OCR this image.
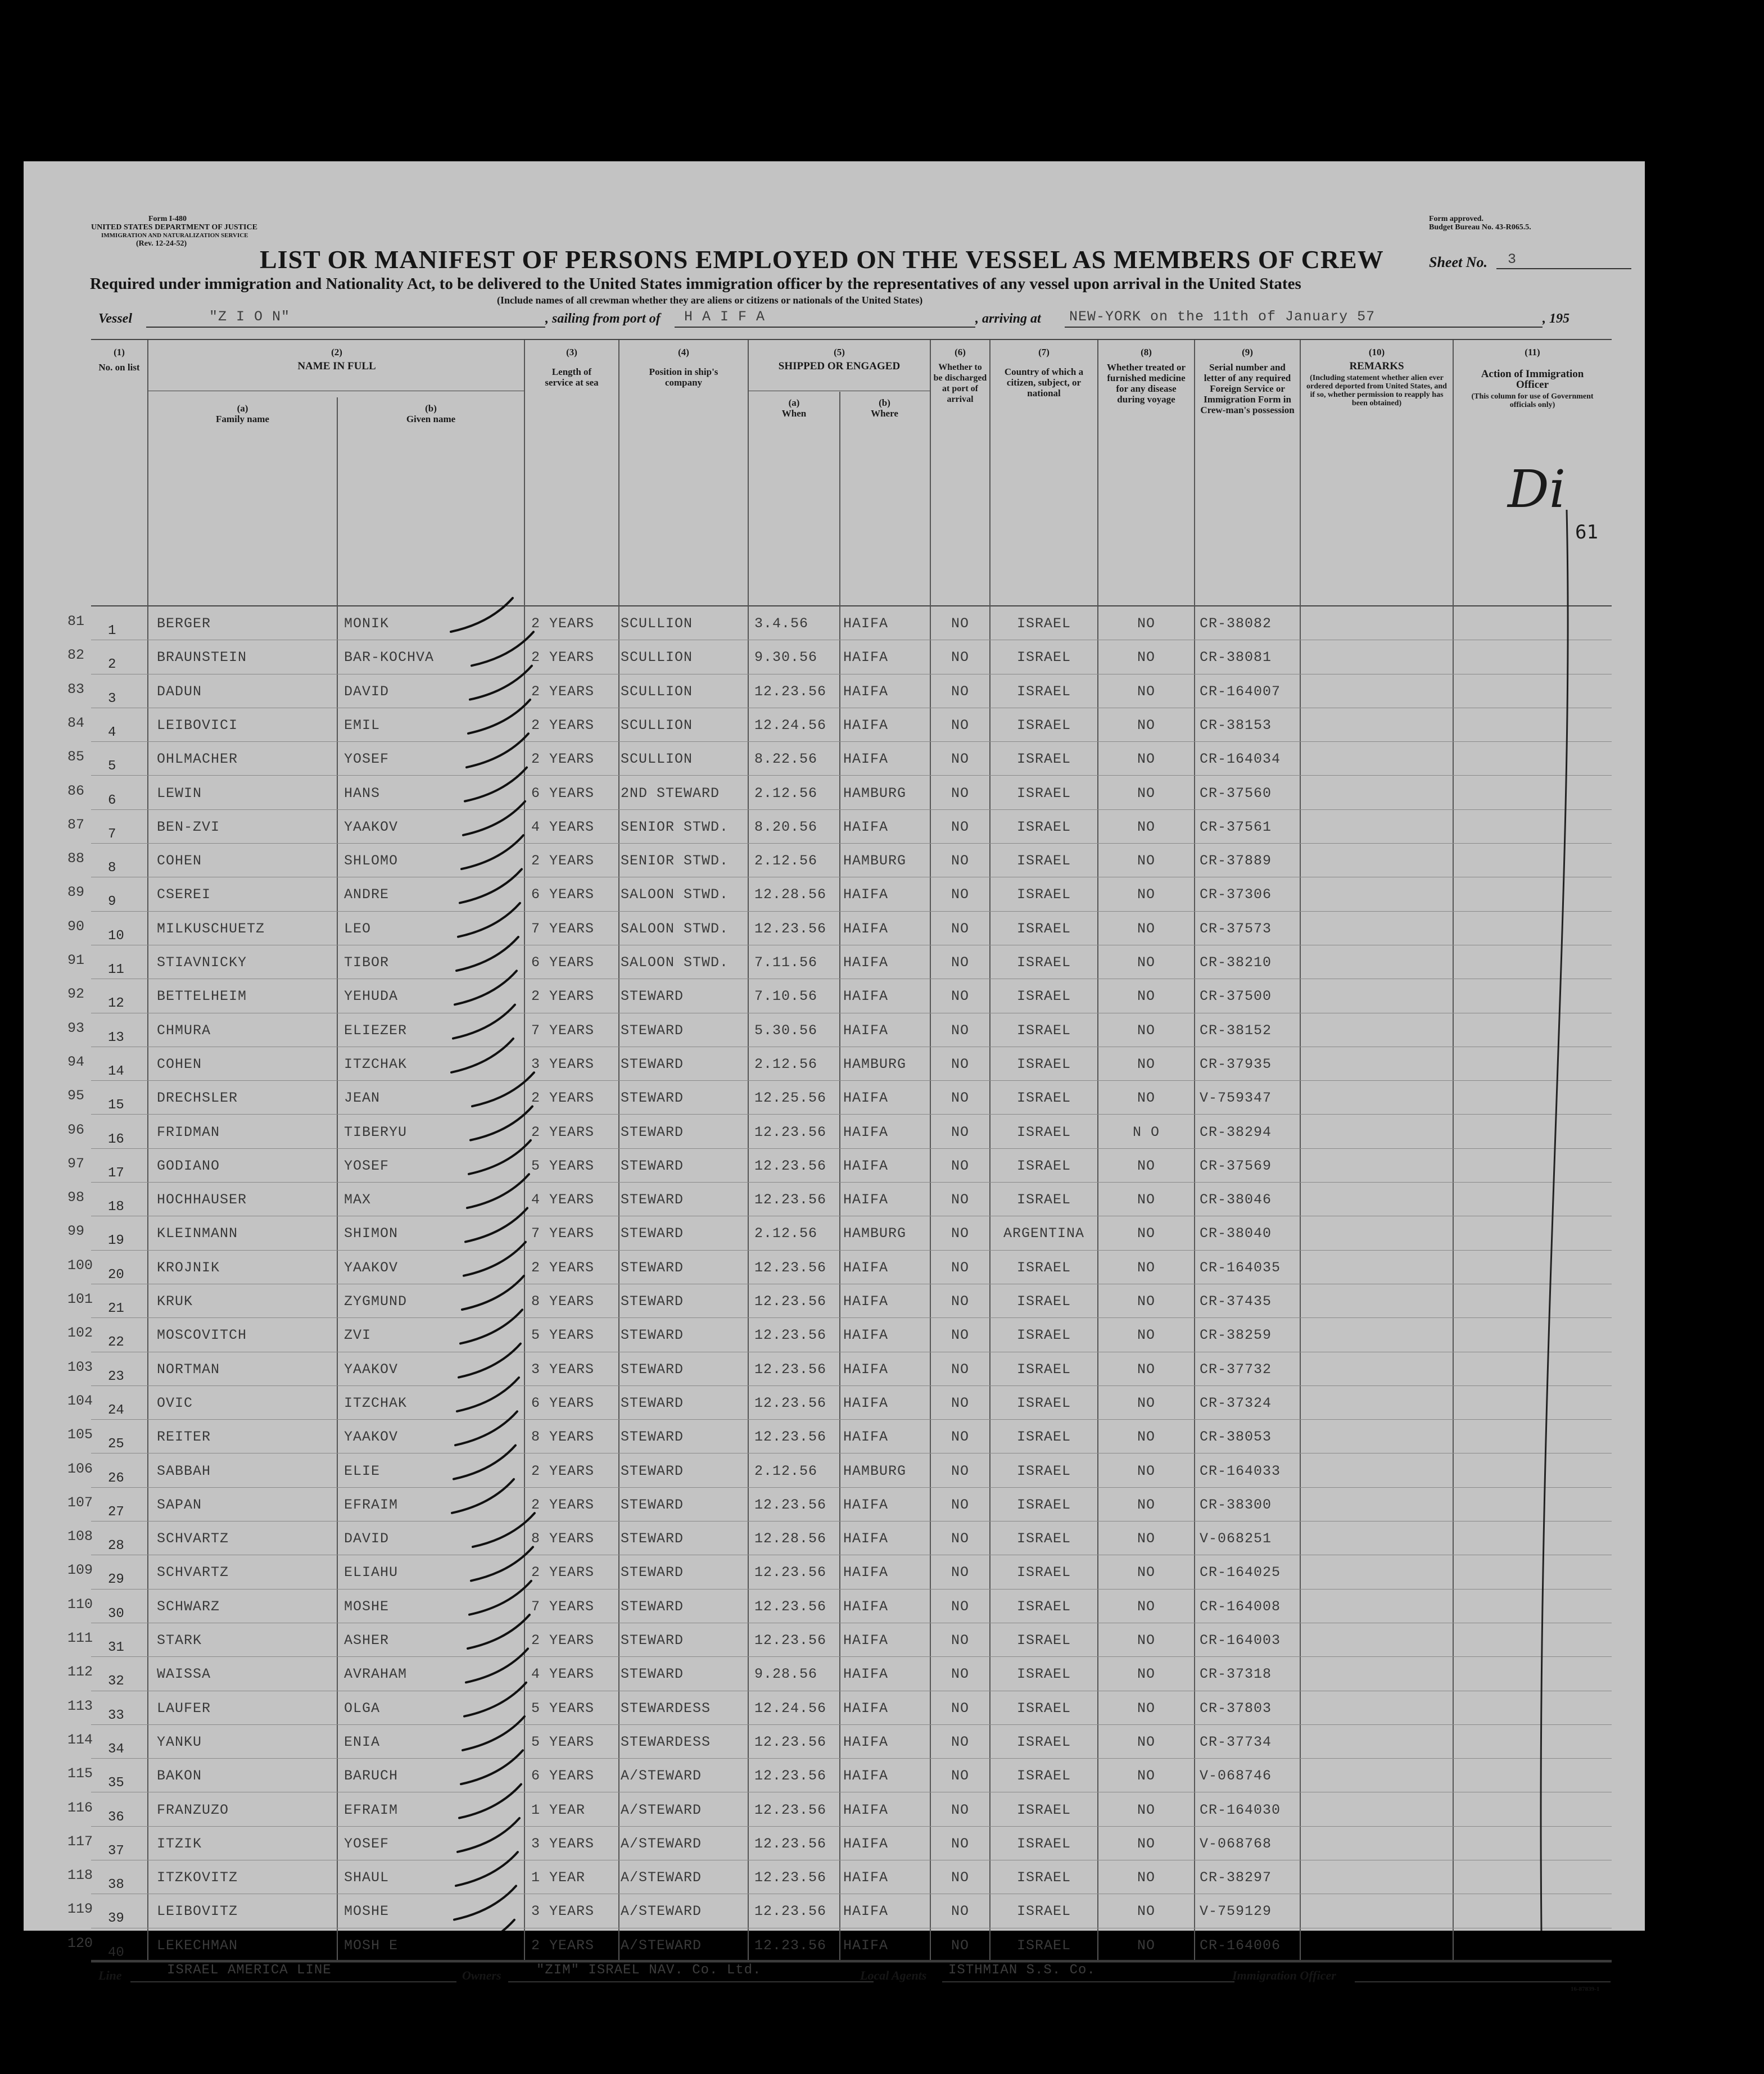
Form I-480
UNITED STATES DEPARTMENT OF JUSTICE
IMMIGRATION AND NATURALIZATION SERVICE
(Rev. 12-24-52)
Form approved.
Budget Bureau No. 43-R065.5.
LIST OR MANIFEST OF PERSONS EMPLOYED ON THE VESSEL AS MEMBERS OF CREW	Sheet No. 3
Required under immigration and Nationality Act, to be delivered to the United States immigration officer by the representatives of any vessel upon arrival in the United States
(Include names of all crewman whether they are aliens or citizens or nationals of the United States)
Vessel	"Z I O N"	, sailing from port of H A I F A	, arriving at NEW-YORK on the 11th of January 57	, 195
(1)
No. on list
(2)
NAME IN FULL
(a)
Family name
(b)
Given name
(3)
Length of service at sea
(4)
Position in ship's company
(5)
SHIPPED OR ENGAGED
(a)
When
(b)
Where
(6)
Whether to be discharged at port of arrival
(7)
Country of which a citizen, subject, or national
(8)
Whether treated or furnished medicine for any disease during voyage
(9)
Serial number and letter of any required Foreign Service or Immigration Form in Crew-man's possession
(10)
REMARKS
(Including statement whether alien ever ordered deported from United States, and if so, whether permission to reapply has been obtained)
(11)
Action of Immigration Officer
(This column for use of Government officials only)
81
1	BERGER	MONIK	2 YEARS SCULLION	3.4.56 HAIFA	NO	ISRAEL	NO	CR-38082
82
2	BRAUNSTEIN	BAR-KOCHVA	2 YEARS SCULLION	9.30.56 HAIFA	NO	ISRAEL	NO	CR-38081
83
3	DADUN	DAVID	2 YEARS SCULLION	12.23.56 HAIFA	NO	ISRAEL	NO	CR-164007
84
4	LEIBOVICI	EMIL	2 YEARS SCULLION	12.24.56 HAIFA	NO	ISRAEL	NO	CR-38153
85
5	OHLMACHER	YOSEF	2 YEARS SCULLION	8.22.56 HAIFA	NO	ISRAEL	NO	CR-164034
86
6	LEWIN	HANS	6 YEARS 2ND STEWARD 2.12.56 HAMBURG	NO	ISRAEL	NO	CR-37560
87
7	BEN-ZVI	YAAKOV	4 YEARS SENIOR STWD. 8.20.56 HAIFA	NO	ISRAEL	NO	CR-37561
88
8	COHEN	SHLOMO	2 YEARS SENIOR STWD. 2.12.56 HAMBURG	NO	ISRAEL	NO	CR-37889
89
9	CSEREI	ANDRE	6 YEARS SALOON STWD. 12.28.56 HAIFA	NO	ISRAEL	NO	CR-37306
90
10 MILKUSCHUETZ	LEO	7 YEARS SALOON STWD. 12.23.56 HAIFA	NO	ISRAEL	NO	CR-37573
91
11 STIAVNICKY	TIBOR	6 YEARS SALOON STWD. 7.11.56 HAIFA	NO	ISRAEL	NO	CR-38210
92
12 BETTELHEIM	YEHUDA	2 YEARS STEWARD	7.10.56 HAIFA	NO	ISRAEL	NO	CR-37500
93
13 CHMURA	ELIEZER	7 YEARS STEWARD	5.30.56 HAIFA	NO	ISRAEL	NO	CR-38152
94
14 COHEN	ITZCHAK	3 YEARS STEWARD	2.12.56 HAMBURG	NO	ISRAEL	NO	CR-37935
95
15 DRECHSLER	JEAN	2 YEARS STEWARD	12.25.56 HAIFA	NO	ISRAEL	NO	V-759347
96
16 FRIDMAN	TIBERYU	2 YEARS STEWARD	12.23.56 HAIFA	NO	ISRAEL	N O	CR-38294
97
17 GODIANO	YOSEF	5 YEARS STEWARD	12.23.56 HAIFA	NO	ISRAEL	NO	CR-37569
98
18 HOCHHAUSER	MAX	4 YEARS STEWARD	12.23.56 HAIFA	NO	ISRAEL	NO	CR-38046
99
19 KLEINMANN	SHIMON	7 YEARS STEWARD	2.12.56 HAMBURG	NO	ARGENTINA	NO	CR-38040
100
20 KROJNIK	YAAKOV	2 YEARS STEWARD	12.23.56 HAIFA	NO	ISRAEL	NO	CR-164035
101
21 KRUK	ZYGMUND	8 YEARS STEWARD	12.23.56 HAIFA	NO	ISRAEL	NO	CR-37435
102
22 MOSCOVITCH	ZVI	5 YEARS STEWARD	12.23.56 HAIFA	NO	ISRAEL	NO	CR-38259
103
23 NORTMAN	YAAKOV	3 YEARS STEWARD	12.23.56 HAIFA	NO	ISRAEL	NO	CR-37732
104
24 OVIC	ITZCHAK	6 YEARS STEWARD	12.23.56 HAIFA	NO	ISRAEL	NO	CR-37324
105
25 REITER	YAAKOV	8 YEARS STEWARD	12.23.56 HAIFA	NO	ISRAEL	NO	CR-38053
106
26 SABBAH	ELIE	2 YEARS STEWARD	2.12.56 HAMBURG	NO	ISRAEL	NO	CR-164033
107
27 SAPAN	EFRAIM	2 YEARS STEWARD	12.23.56 HAIFA	NO	ISRAEL	NO	CR-38300
108
28 SCHVARTZ	DAVID	8 YEARS STEWARD	12.28.56 HAIFA	NO	ISRAEL	NO	V-068251
109
29 SCHVARTZ	ELIAHU	2 YEARS STEWARD	12.23.56 HAIFA	NO	ISRAEL	NO	CR-164025
110
30 SCHWARZ	MOSHE	7 YEARS STEWARD	12.23.56 HAIFA	NO	ISRAEL	NO	CR-164008
111
31 STARK	ASHER	2 YEARS STEWARD	12.23.56 HAIFA	NO	ISRAEL	NO	CR-164003
112
32 WAISSA	AVRAHAM	4 YEARS STEWARD	9.28.56 HAIFA	NO	ISRAEL	NO	CR-37318
113
33 LAUFER	OLGA	5 YEARS STEWARDESS	12.24.56 HAIFA	NO	ISRAEL	NO	CR-37803
114
34 YANKU	ENIA	5 YEARS STEWARDESS	12.23.56 HAIFA	NO	ISRAEL	NO	CR-37734
115
35 BAKON	BARUCH	6 YEARS A/STEWARD	12.23.56 HAIFA	NO	ISRAEL	NO	V-068746
116
36 FRANZUZO	EFRAIM	1 YEAR	A/STEWARD	12.23.56 HAIFA	NO	ISRAEL	NO	CR-164030
117
37 ITZIK	YOSEF	3 YEARS A/STEWARD	12.23.56 HAIFA	NO	ISRAEL	NO	V-068768
118
38 ITZKOVITZ	SHAUL	1 YEAR	A/STEWARD	12.23.56 HAIFA	NO	ISRAEL	NO	CR-38297
119
39 LEIBOVITZ	MOSHE	3 YEARS A/STEWARD	12.23.56 HAIFA	NO	ISRAEL	NO	V-759129
120
40 LEKECHMAN	MOSH E	2 YEARS A/STEWARD	12.23.56 HAIFA	NO	ISRAEL	NO	CR-164006
Line	ISRAEL AMERICA LINE	Owners	"ZIM" ISRAEL NAV. Co. Ltd.	Local Agents ISTHMIAN S.S. Co.	Immigration Officer
16-87839-1
Di
61
